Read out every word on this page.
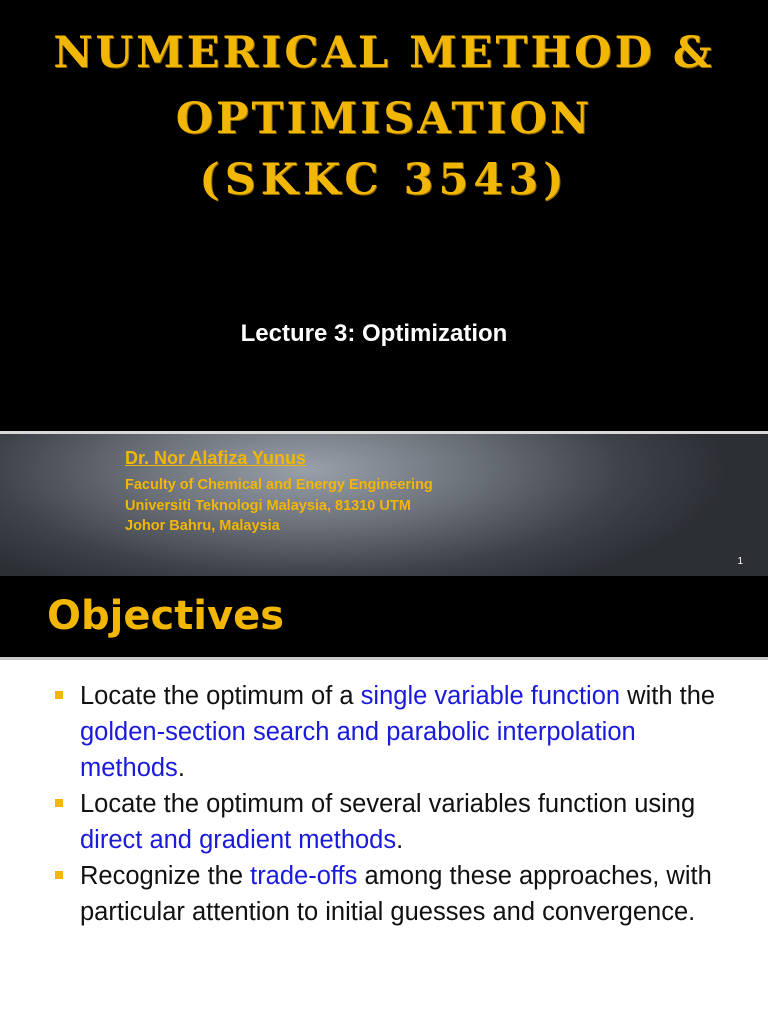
NUMERICAL METHOD &
OPTIMISATION
(SKKC 3543)
Lecture 3: Optimization
Dr. Nor Alafiza Yunus
Faculty of Chemical and Energy Engineering
Universiti Teknologi Malaysia, 81310 UTM
Johor Bahru, Malaysia
1
Objectives
Locate the optimum of a single variable function with the golden-section search and parabolic interpolation methods.
Locate the optimum of several variables function using direct and gradient methods.
Recognize the trade-offs among these approaches, with particular attention to initial guesses and convergence.
